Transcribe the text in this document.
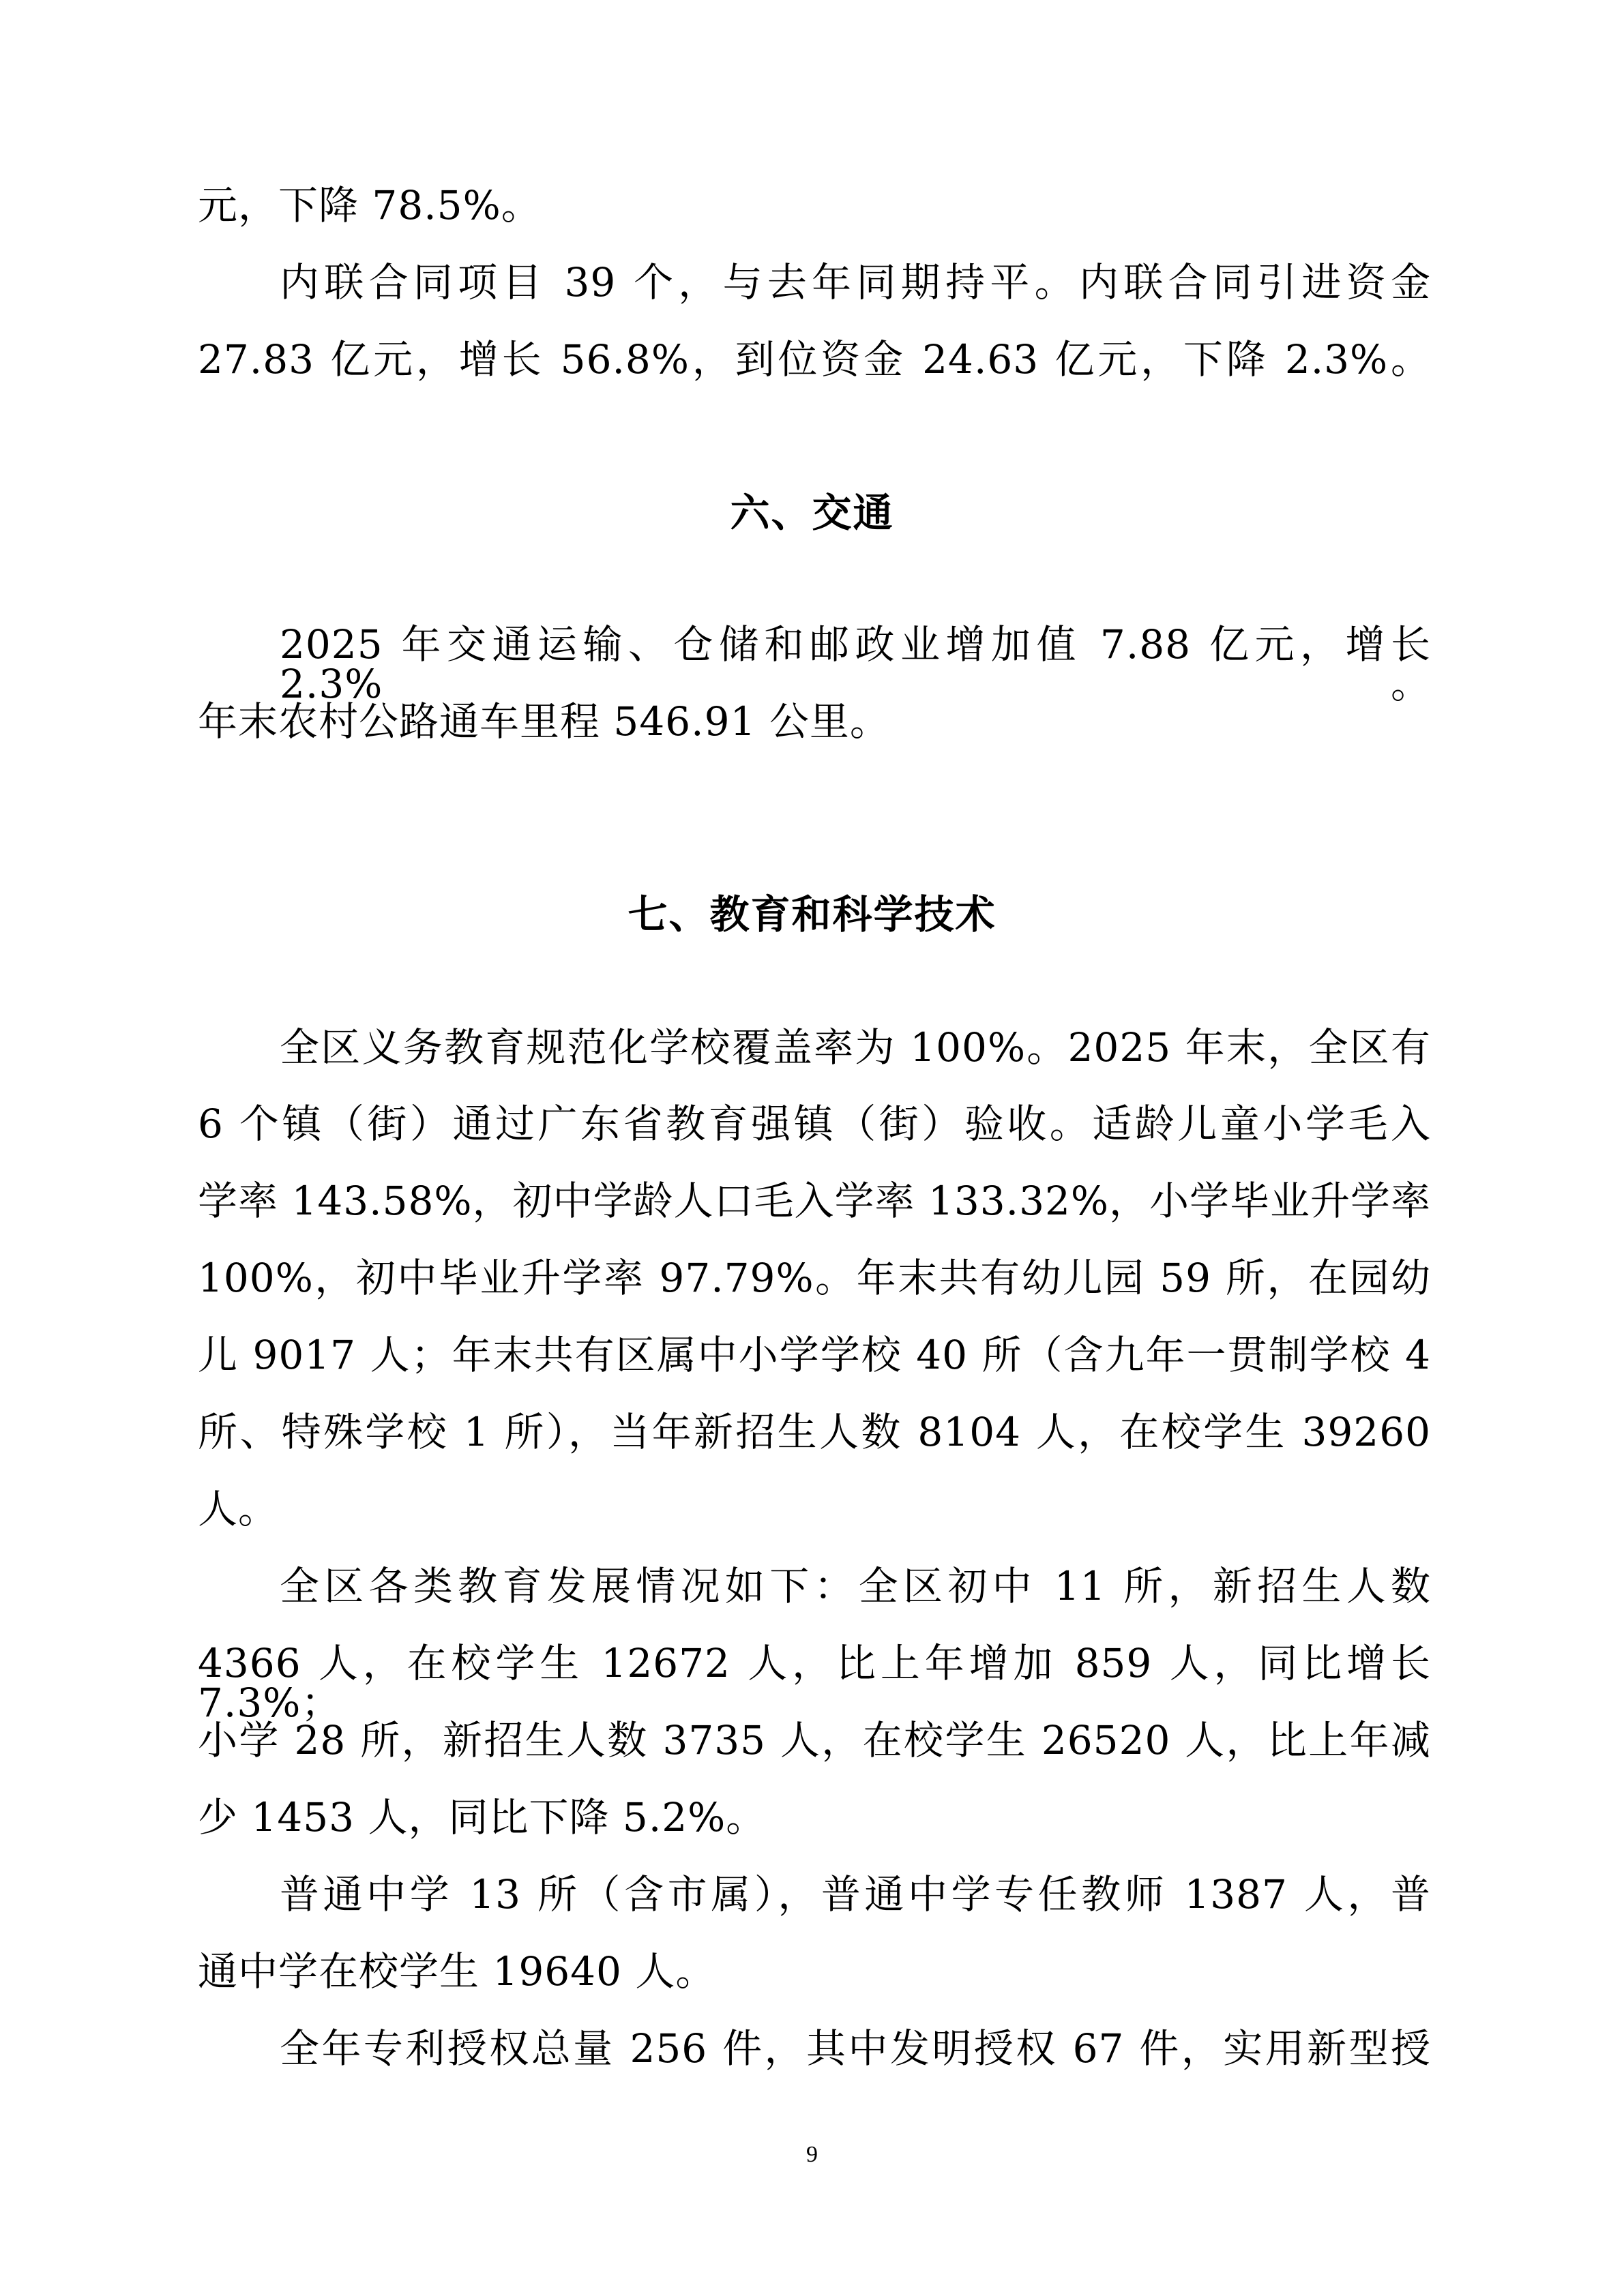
元，下降 78.5%。
内联合同项目 39 个，与去年同期持平。内联合同引进资金
27.83 亿元，增长 56.8%，到位资金 24.63 亿元，下降 2.3%。
六、交通
2025 年交通运输、仓储和邮政业增加值 7.88 亿元，增长 2.3%。
年末农村公路通车里程 546.91 公里。
七、教育和科学技术
全区义务教育规范化学校覆盖率为 100%。2025 年末，全区有
6 个镇（街）通过广东省教育强镇（街）验收。适龄儿童小学毛入
学率 143.58%，初中学龄人口毛入学率 133.32%，小学毕业升学率
100%，初中毕业升学率 97.79%。年末共有幼儿园 59 所，在园幼
儿 9017 人；年末共有区属中小学学校 40 所（含九年一贯制学校 4
所、特殊学校 1 所），当年新招生人数 8104 人，在校学生 39260
人。
全区各类教育发展情况如下：全区初中 11 所，新招生人数
4366 人，在校学生 12672 人，比上年增加 859 人，同比增长 7.3%；
小学 28 所，新招生人数 3735 人，在校学生 26520 人，比上年减
少 1453 人，同比下降 5.2%。
普通中学 13 所（含市属），普通中学专任教师 1387 人，普
通中学在校学生 19640 人。
全年专利授权总量 256 件，其中发明授权 67 件，实用新型授
9
